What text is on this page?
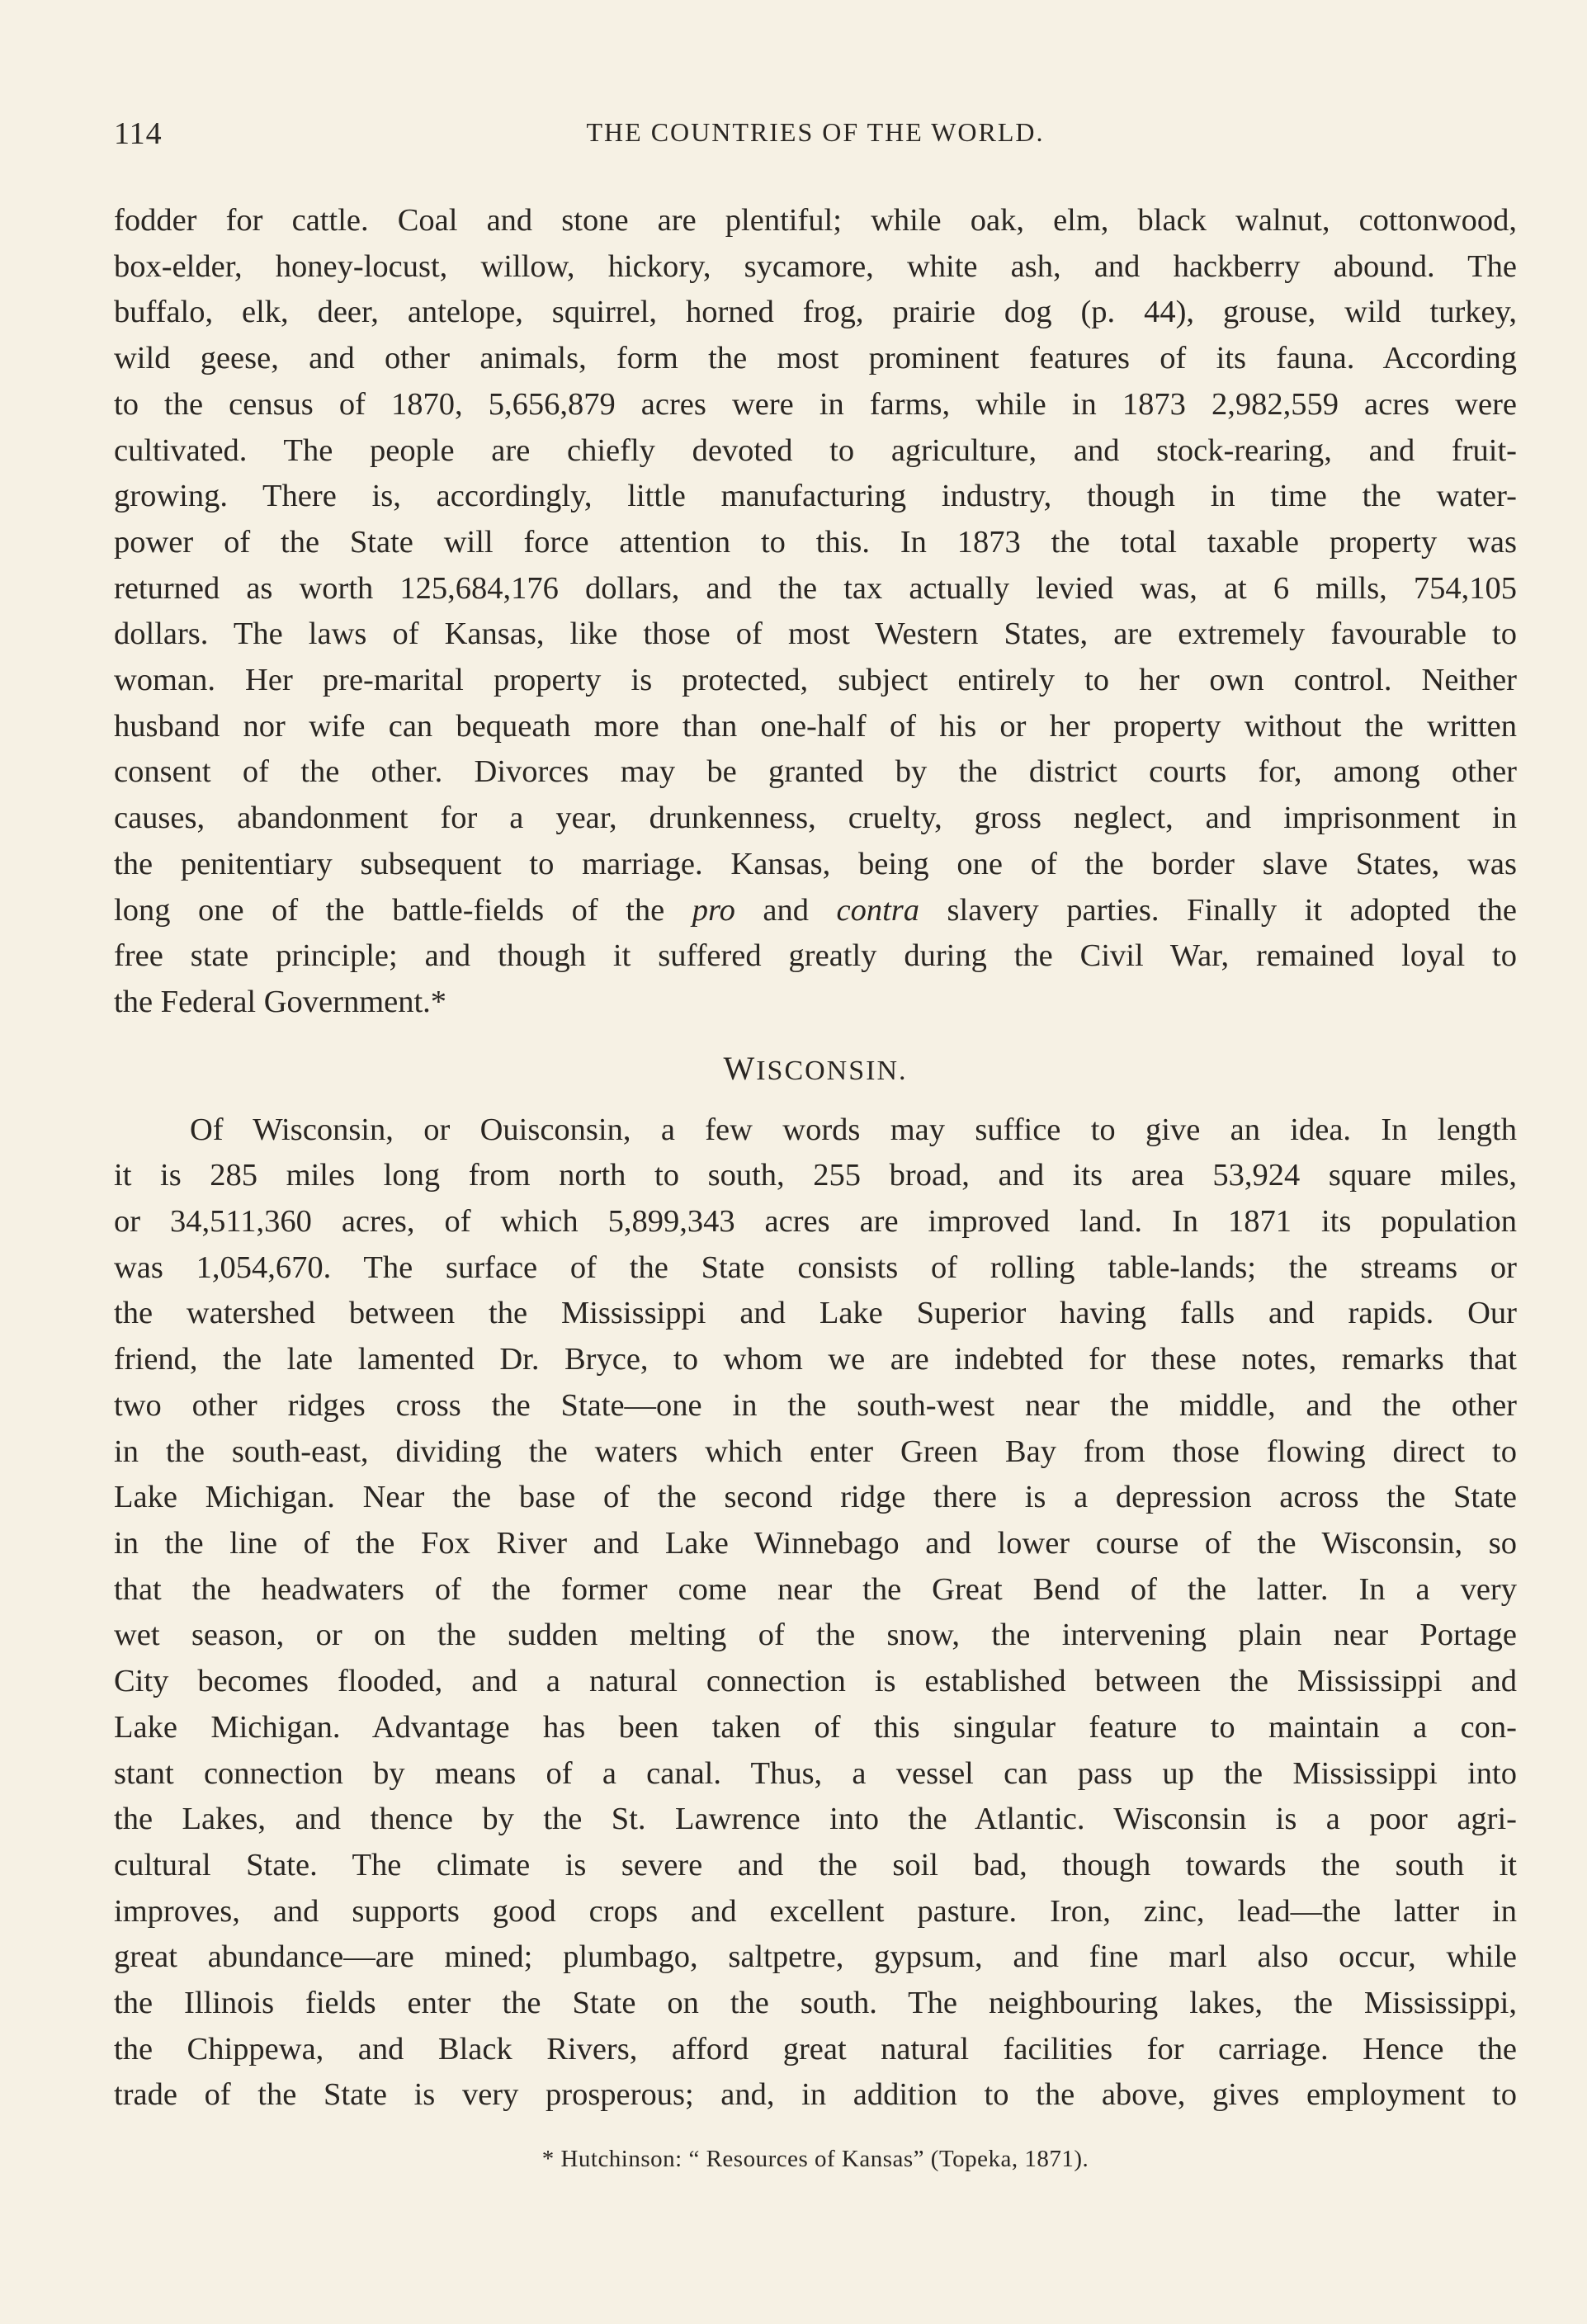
114	THE COUNTRIES OF THE WORLD.

fodder for cattle. Coal and stone are plentiful; while oak, elm, black walnut, cottonwood,
box-elder, honey-locust, willow, hickory, sycamore, white ash, and hackberry abound. The
buffalo, elk, deer, antelope, squirrel, horned frog, prairie dog (p. 44), grouse, wild turkey,
wild geese, and other animals, form the most prominent features of its fauna. According
to the census of 1870, 5,656,879 acres were in farms, while in 1873 2,982,559 acres were
cultivated. The people are chiefly devoted to agriculture, and stock-rearing, and fruit-
growing. There is, accordingly, little manufacturing industry, though in time the water-
power of the State will force attention to this. In 1873 the total taxable property was
returned as worth 125,684,176 dollars, and the tax actually levied was, at 6 mills, 754,105
dollars. The laws of Kansas, like those of most Western States, are extremely favourable to
woman. Her pre-marital property is protected, subject entirely to her own control. Neither
husband nor wife can bequeath more than one-half of his or her property without the written
consent of the other. Divorces may be granted by the district courts for, among other
causes, abandonment for a year, drunkenness, cruelty, gross neglect, and imprisonment in
the penitentiary subsequent to marriage. Kansas, being one of the border slave States, was
long one of the battle-fields of the pro and contra slavery parties. Finally it adopted the
free state principle; and though it suffered greatly during the Civil War, remained loyal to
the Federal Government.*

WISCONSIN.

Of Wisconsin, or Ouisconsin, a few words may suffice to give an idea. In length
it is 285 miles long from north to south, 255 broad, and its area 53,924 square miles,
or 34,511,360 acres, of which 5,899,343 acres are improved land. In 1871 its population
was 1,054,670. The surface of the State consists of rolling table-lands; the streams or
the watershed between the Mississippi and Lake Superior having falls and rapids. Our
friend, the late lamented Dr. Bryce, to whom we are indebted for these notes, remarks that
two other ridges cross the State—one in the south-west near the middle, and the other
in the south-east, dividing the waters which enter Green Bay from those flowing direct to
Lake Michigan. Near the base of the second ridge there is a depression across the State
in the line of the Fox River and Lake Winnebago and lower course of the Wisconsin, so
that the headwaters of the former come near the Great Bend of the latter. In a very
wet season, or on the sudden melting of the snow, the intervening plain near Portage
City becomes flooded, and a natural connection is established between the Mississippi and
Lake Michigan. Advantage has been taken of this singular feature to maintain a con-
stant connection by means of a canal. Thus, a vessel can pass up the Mississippi into
the Lakes, and thence by the St. Lawrence into the Atlantic. Wisconsin is a poor agri-
cultural State. The climate is severe and the soil bad, though towards the south it
improves, and supports good crops and excellent pasture. Iron, zinc, lead—the latter in
great abundance—are mined; plumbago, saltpetre, gypsum, and fine marl also occur, while
the Illinois fields enter the State on the south. The neighbouring lakes, the Mississippi,
the Chippewa, and Black Rivers, afford great natural facilities for carriage. Hence the
trade of the State is very prosperous; and, in addition to the above, gives employment to

* Hutchinson: “ Resources of Kansas” (Topeka, 1871).
